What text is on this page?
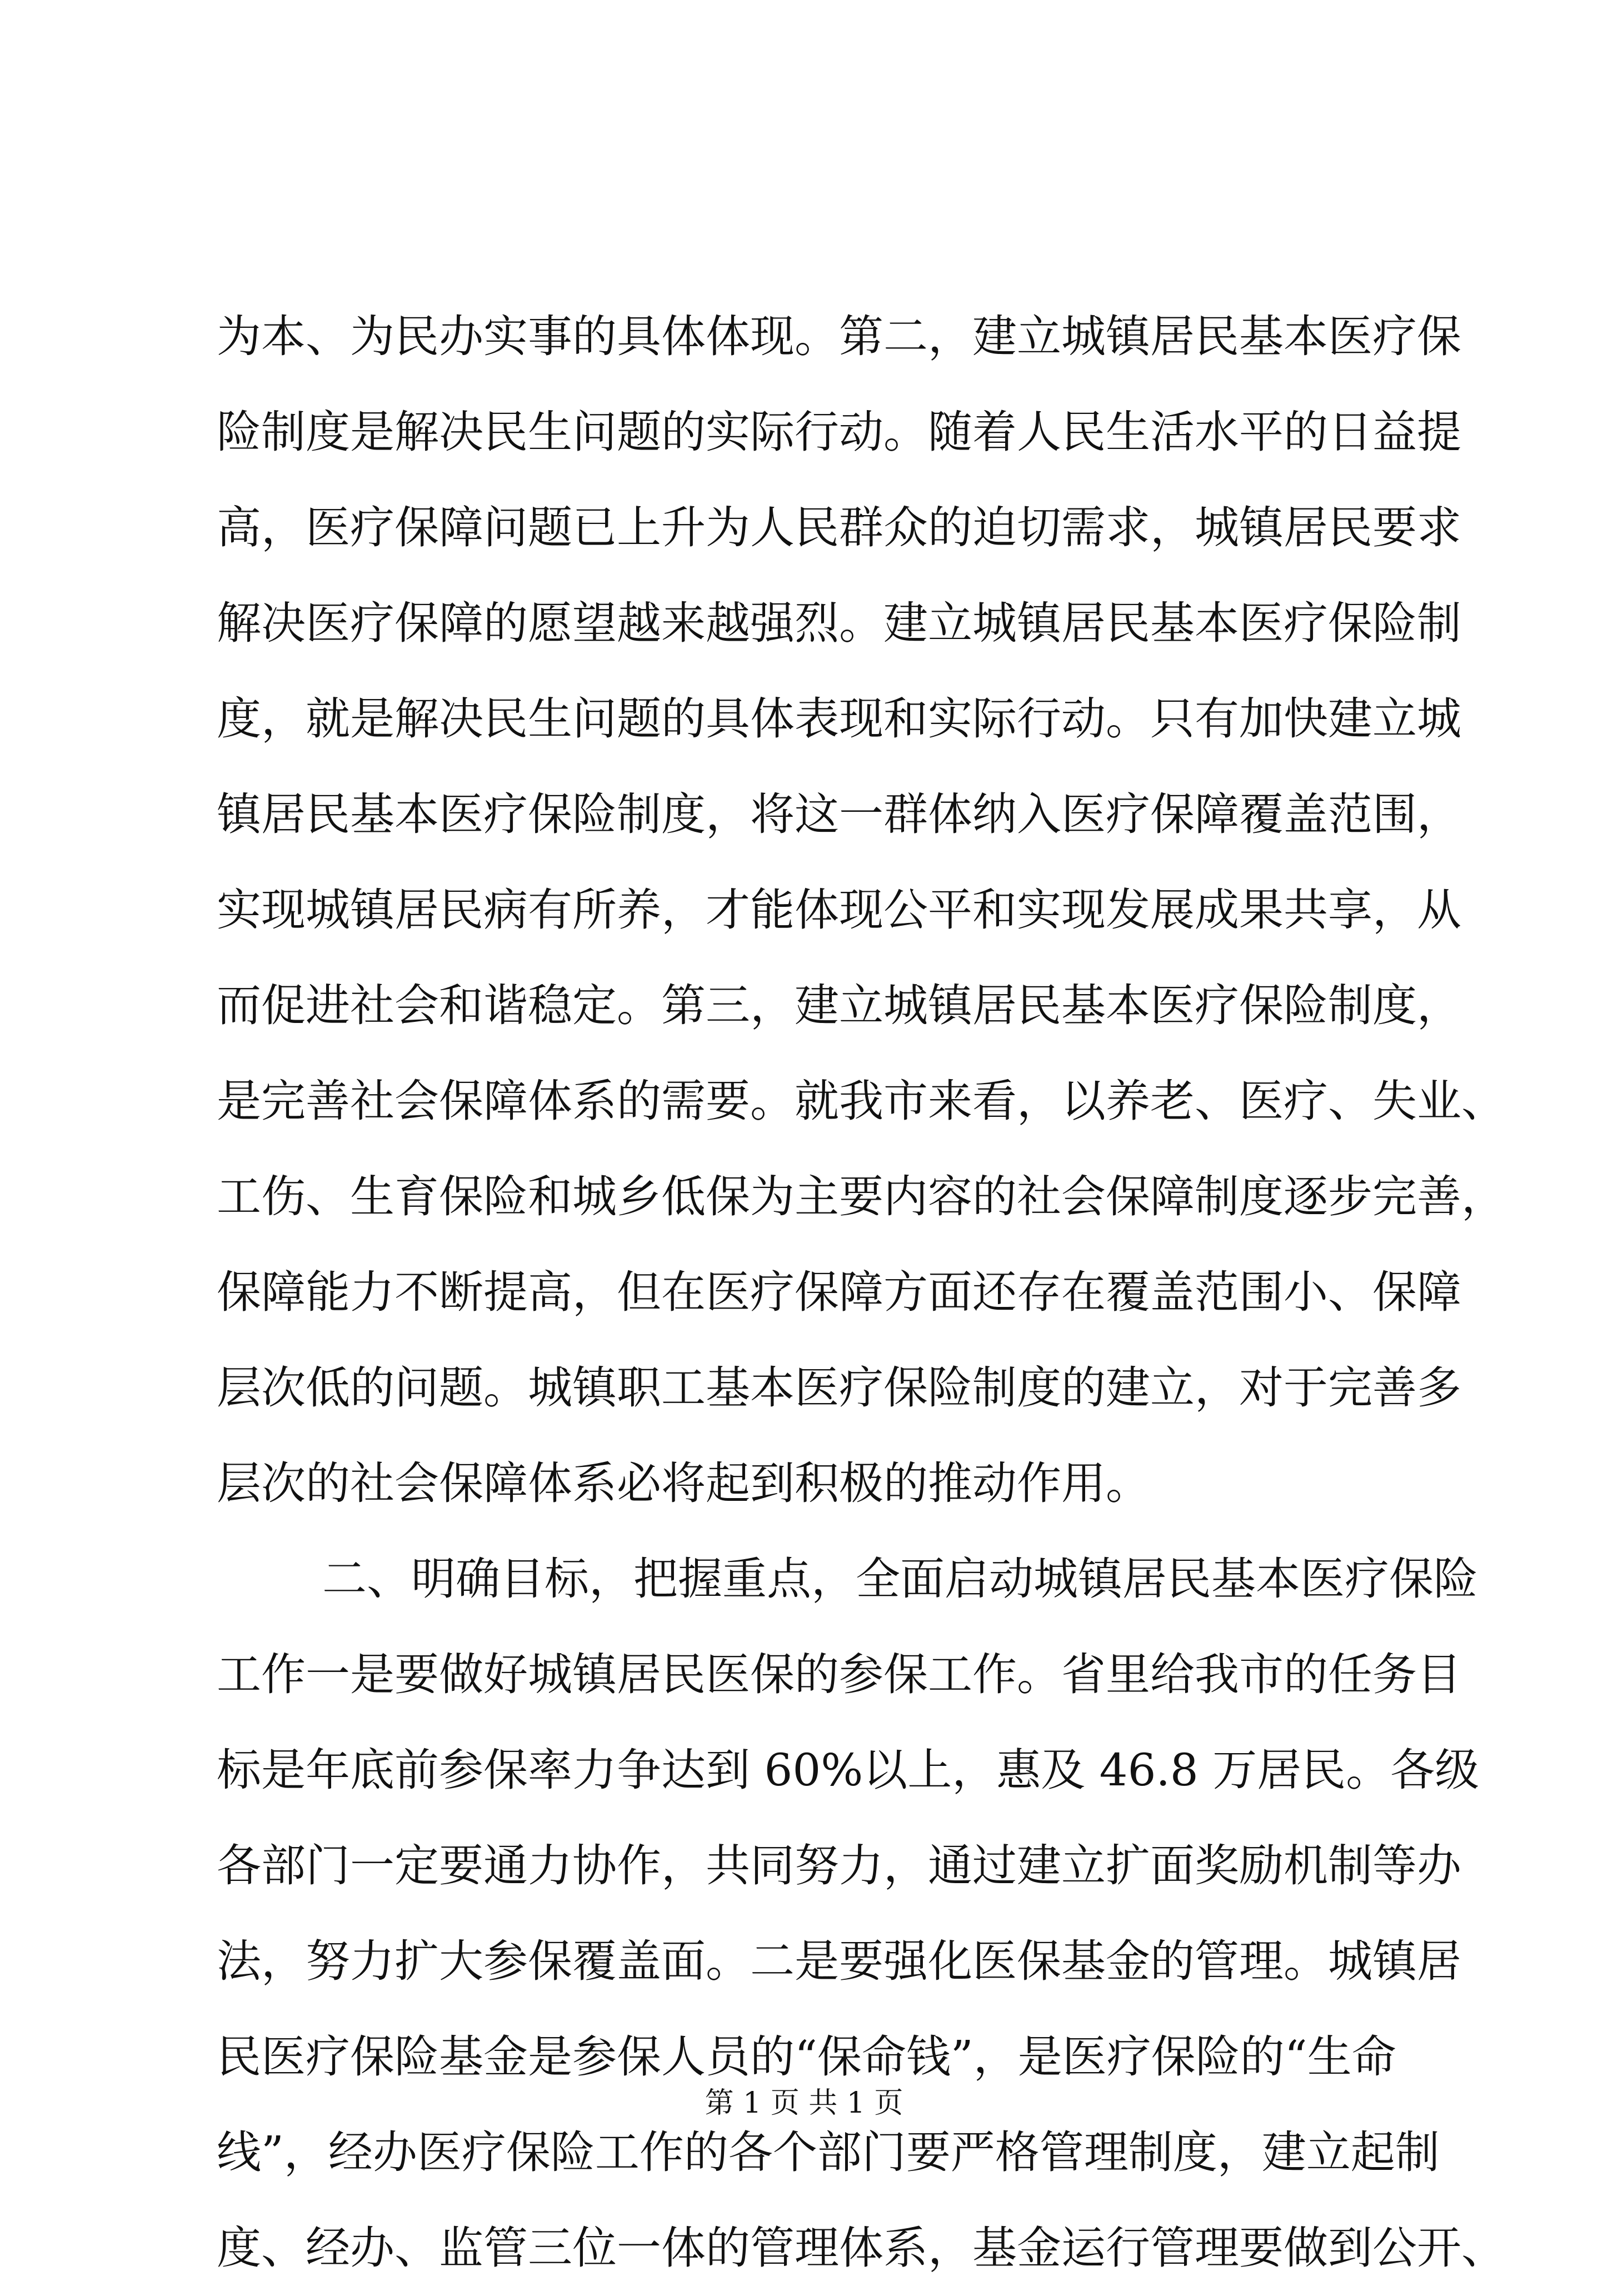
为本、为民办实事的具体体现。第二，建立城镇居民基本医疗保
险制度是解决民生问题的实际行动。随着人民生活水平的日益提
高，医疗保障问题已上升为人民群众的迫切需求，城镇居民要求
解决医疗保障的愿望越来越强烈。建立城镇居民基本医疗保险制
度，就是解决民生问题的具体表现和实际行动。只有加快建立城
镇居民基本医疗保险制度，将这一群体纳入医疗保障覆盖范围，
实现城镇居民病有所养，才能体现公平和实现发展成果共享，从
而促进社会和谐稳定。第三，建立城镇居民基本医疗保险制度，
是完善社会保障体系的需要。就我市来看，以养老、医疗、失业、
工伤、生育保险和城乡低保为主要内容的社会保障制度逐步完善，
保障能力不断提高，但在医疗保障方面还存在覆盖范围小、保障
层次低的问题。城镇职工基本医疗保险制度的建立，对于完善多
层次的社会保障体系必将起到积极的推动作用。
二、明确目标，把握重点，全面启动城镇居民基本医疗保险
工作一是要做好城镇居民医保的参保工作。省里给我市的任务目
标是年底前参保率力争达到 60%以上，惠及 46.8 万居民。各级
各部门一定要通力协作，共同努力，通过建立扩面奖励机制等办
法，努力扩大参保覆盖面。二是要强化医保基金的管理。城镇居
民医疗保险基金是参保人员的“保命钱”，是医疗保险的“生命
线”，经办医疗保险工作的各个部门要严格管理制度，建立起制
度、经办、监管三位一体的管理体系，基金运行管理要做到公开、
第 1 页 共 1 页
